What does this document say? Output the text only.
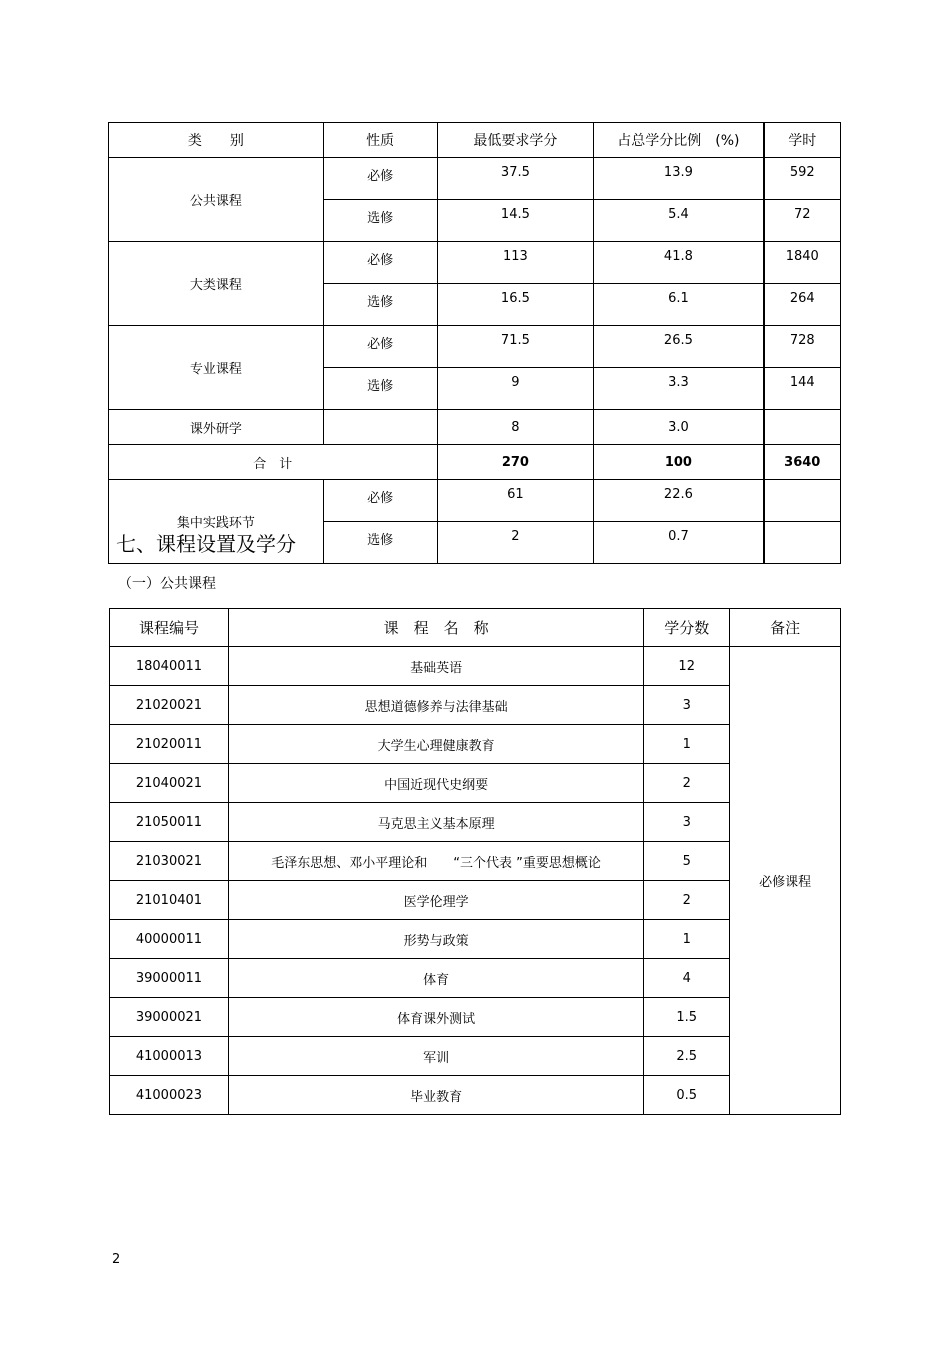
类　　别	性质	最低要求学分	占总学分比例　(%)	学时
公共课程	必修	37.5	13.9	592
	选修	14.5	5.4	72
大类课程	必修	113	41.8	1840
	选修	16.5	6.1	264
专业课程	必修	71.5	26.5	728
	选修	9	3.3	144
课外研学		8	3.0	
合　计		270	100	3640
集中实践环节	必修	61	22.6	
	选修	2	0.7	
七、课程设置及学分
（一）公共课程
课程编号	课　程　名　称	学分数	备注
18040011	基础英语	12	必修课程
21020021	思想道德修养与法律基础	3	
21020011	大学生心理健康教育	1	
21040021	中国近现代史纲要	2	
21050011	马克思主义基本原理	3	
21030021	毛泽东思想、邓小平理论和　　“三个代表 ”重要思想概论	5	
21010401	医学伦理学	2	
40000011	形势与政策	1	
39000011	体育	4	
39000021	体育课外测试	1.5	
41000013	军训	2.5	
41000023	毕业教育	0.5	
2
